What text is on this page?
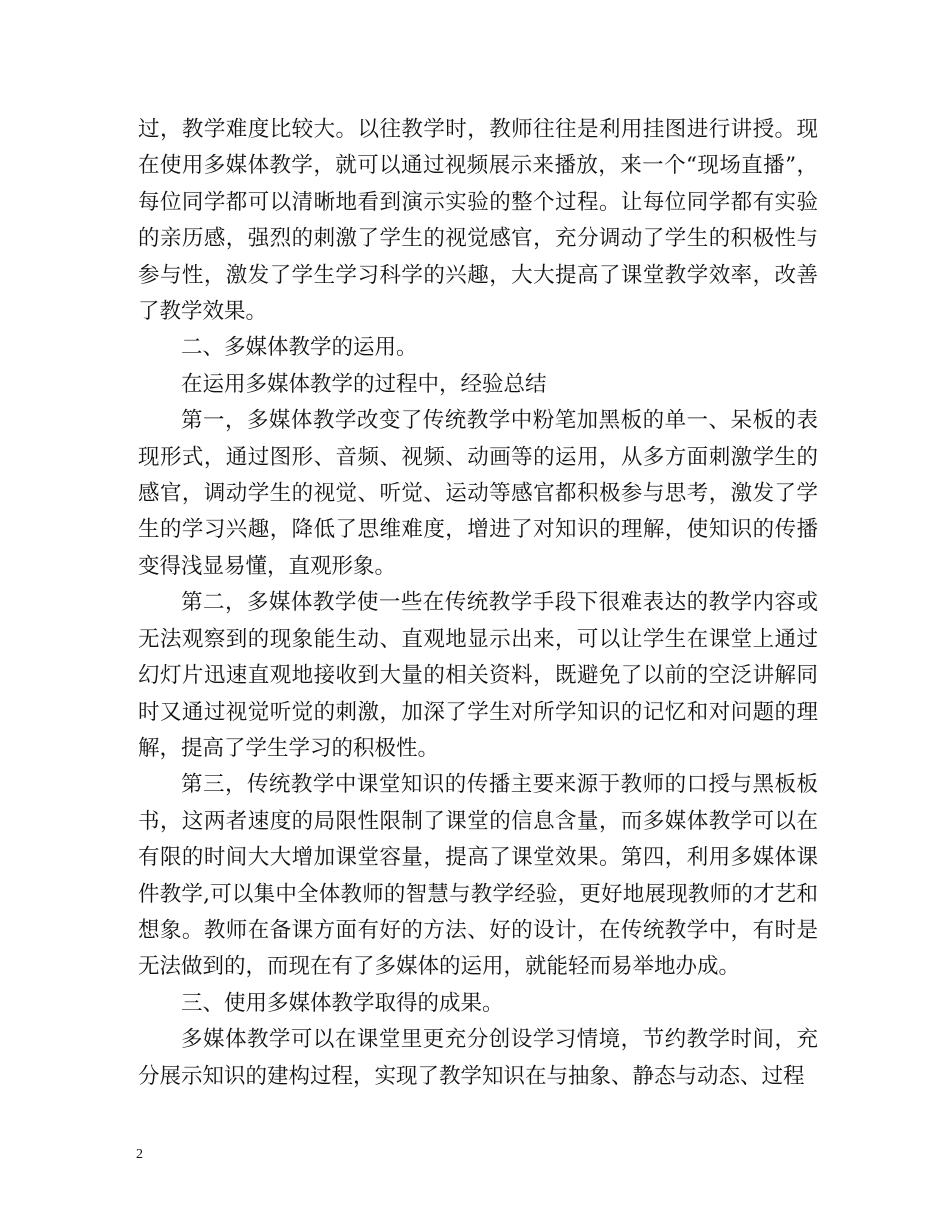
过，教学难度比较大。以往教学时，教师往往是利用挂图进行讲授。现在使用多媒体教学，就可以通过视频展示来播放，来一个“现场直播”，每位同学都可以清晰地看到演示实验的整个过程。让每位同学都有实验的亲历感，强烈的刺激了学生的视觉感官，充分调动了学生的积极性与参与性，激发了学生学习科学的兴趣，大大提高了课堂教学效率，改善了教学效果。

二、多媒体教学的运用。

在运用多媒体教学的过程中，经验总结

第一，多媒体教学改变了传统教学中粉笔加黑板的单一、呆板的表现形式，通过图形、音频、视频、动画等的运用，从多方面刺激学生的感官，调动学生的视觉、听觉、运动等感官都积极参与思考，激发了学生的学习兴趣，降低了思维难度，增进了对知识的理解，使知识的传播变得浅显易懂，直观形象。

第二，多媒体教学使一些在传统教学手段下很难表达的教学内容或无法观察到的现象能生动、直观地显示出来，可以让学生在课堂上通过幻灯片迅速直观地接收到大量的相关资料，既避免了以前的空泛讲解同时又通过视觉听觉的刺激，加深了学生对所学知识的记忆和对问题的理解，提高了学生学习的积极性。

第三，传统教学中课堂知识的传播主要来源于教师的口授与黑板板书，这两者速度的局限性限制了课堂的信息含量，而多媒体教学可以在有限的时间大大增加课堂容量，提高了课堂效果。第四，利用多媒体课件教学,可以集中全体教师的智慧与教学经验，更好地展现教师的才艺和想象。教师在备课方面有好的方法、好的设计，在传统教学中，有时是无法做到的，而现在有了多媒体的运用，就能轻而易举地办成。

三、使用多媒体教学取得的成果。

多媒体教学可以在课堂里更充分创设学习情境，节约教学时间，充分展示知识的建构过程，实现了教学知识在与抽象、静态与动态、过程

2
